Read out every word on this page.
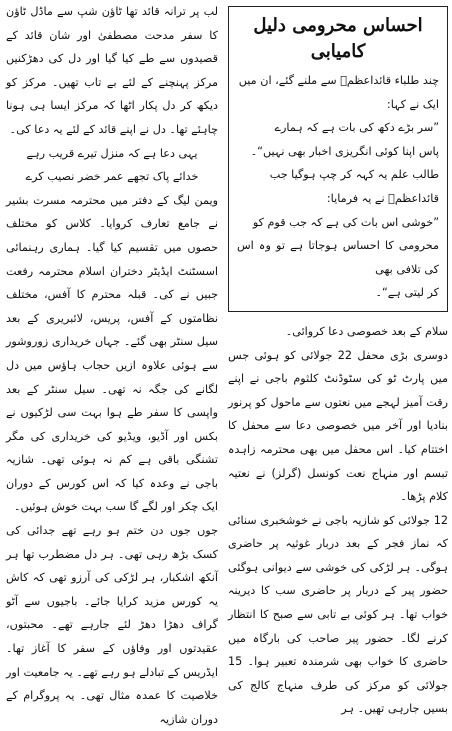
احساس محرومی دلیل کامیابی

چند طلباء قائداعظمؒ سے ملنے گئے، ان میں

ایک نے کہا:

”سر بڑے دکھ کی بات ہے کہ ہمارے

پاس اپنا کوئی انگریزی اخبار بھی نہیں“۔

طالب علم یہ کہہ کر چپ ہوگیا جب

قائداعظمؒ نے یہ فرمایا:

”خوشی اس بات کی ہے کہ جب قوم کو

محرومی کا احساس ہوجاتا ہے تو وہ اس کی تلافی بھی

کر لیتی ہے“۔

سلام کے بعد خصوصی دعا کروائی۔

دوسری بڑی محفل 22 جولائی کو ہوئی جس میں پارٹ ٹو کی سٹوڈنٹ کلثوم باجی نے اپنے رقت آمیز لہجے میں نعتوں سے ماحول کو پرنور بنادیا اور آخر میں خصوصی دعا سے محفل کا اختتام کیا۔ اس محفل میں بھی محترمہ زاہدہ تبسم اور منہاج نعت کونسل (گرلز) نے نعتیہ کلام پڑھا۔

12 جولائی کو شازیہ باجی نے خوشخبری سنائی کہ نماز فجر کے بعد دربار غوثیہ پر حاضری ہوگی۔ ہر لڑکی کی خوشی سے دیوانی ہوگئی حضور پیر کے دربار پر حاضری سب کا دیرینہ خواب تھا۔ ہر کوئی بے تابی سے صبح کا انتظار کرنے لگا۔ حضور پیر صاحب کی بارگاہ میں حاضری کا خواب بھی شرمندہ تعبیر ہوا۔ 15 جولائی کو مرکز کی طرف منہاج کالج کی بسیں جارہی تھیں۔ ہر

لب پر ترانہ قائد تھا ٹاؤن شپ سے ماڈل ٹاؤن کا سفر مدحت مصطفیٰ اور شان قائد کے قصیدوں سے طے کیا گیا اور دل کی دھڑکنیں مرکز پہنچنے کے لئے بے تاب تھیں۔ مرکز کو دیکھ کر دل پکار اٹھا کہ مرکز ایسا ہی ہونا چاہئے تھا۔ دل نے اپنے قائد کے لئے یہ دعا کی۔

یہی دعا ہے کہ منزل تیرے قریب رہے

خدائے پاک تجھے عمر خضر نصیب کرے

ویمن لیگ کے دفتر میں محترمہ مسرت بشیر نے جامع تعارف کروایا۔ کلاس کو مختلف حصوں میں تقسیم کیا گیا۔ ہماری رہنمائی اسسٹنٹ ایڈیٹر دختران اسلام محترمہ رفعت جبیں نے کی۔ قبلہ محترم کا آفس، مختلف نظامتوں کے آفس، پریس، لائبریری کے بعد سیل سنٹر بھی گئے۔ جہاں خریداری زوروشور سے ہوئی علاوہ ازیں حجاب ہاؤس میں دل لگانے کی جگہ نہ تھی۔ سیل سنٹر کے بعد واپسی کا سفر طے ہوا بہت سی لڑکیوں نے بکس اور آڈیو، ویڈیو کی خریداری کی مگر تشنگی باقی ہے کم نہ ہوئی تھی۔ شازیہ باجی نے وعدہ کیا کہ اس کورس کے دوران ایک چکر اور لگے گا سب بہت خوش ہوئیں۔

جوں جوں دن ختم ہو رہے تھے جدائی کی کسک بڑھ رہی تھی۔ ہر دل مضطرب تھا ہر آنکھ اشکبار، ہر لڑکی کی آرزو تھی کہ کاش یہ کورس مزید کرایا جائے۔ باجیوں سے آٹو گراف دھڑا دھڑ لئے جارہے تھے۔ محبتوں، عقیدتوں اور وفاؤں کے سفر کا آغاز تھا۔ ایڈریس کے تبادلے ہو رہے تھے۔ یہ جامعیت اور خلاصیت کا عمدہ مثال تھی۔ یہ پروگرام کے دوران شازیہ
